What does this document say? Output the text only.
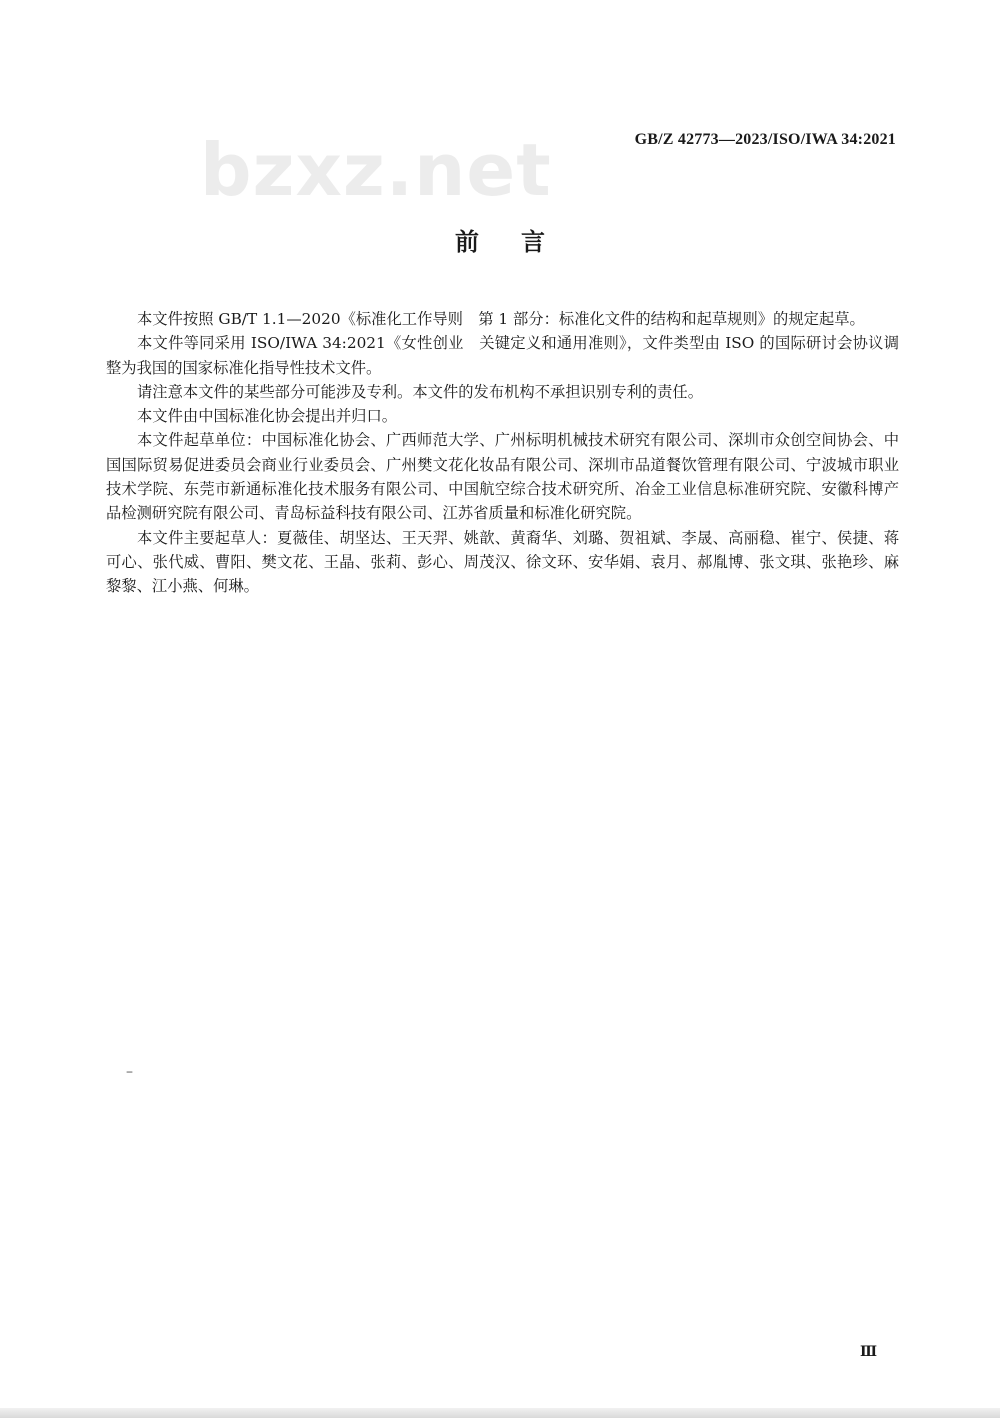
bzxz.net	GB/Z 42773—2023/ISO/IWA 34:2021
前言

本文件按照 GB/T 1.1—2020《标准化工作导则　第 1 部分：标准化文件的结构和起草规则》的规定起草。

本文件等同采用 ISO/IWA 34:2021《女性创业　关键定义和通用准则》，文件类型由 ISO 的国际研讨会协议调整为我国的国家标准化指导性技术文件。

请注意本文件的某些部分可能涉及专利。本文件的发布机构不承担识别专利的责任。

本文件由中国标准化协会提出并归口。

本文件起草单位：中国标准化协会、广西师范大学、广州标明机械技术研究有限公司、深圳市众创空间协会、中国国际贸易促进委员会商业行业委员会、广州樊文花化妆品有限公司、深圳市品道餐饮管理有限公司、宁波城市职业技术学院、东莞市新通标准化技术服务有限公司、中国航空综合技术研究所、冶金工业信息标准研究院、安徽科博产品检测研究院有限公司、青岛标益科技有限公司、江苏省质量和标准化研究院。

本文件主要起草人：夏薇佳、胡坚达、王天羿、姚歆、黄裔华、刘璐、贺祖斌、李晟、高丽稳、崔宁、侯捷、蒋可心、张代威、曹阳、樊文花、王晶、张莉、彭心、周茂汉、徐文环、安华娟、袁月、郝胤博、张文琪、张艳珍、麻黎黎、江小燕、何琳。

–
Ⅲ
